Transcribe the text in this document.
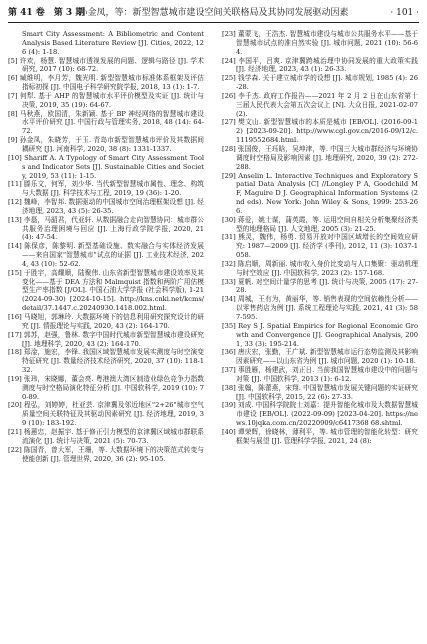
第 41 卷　第 3 期
孙金凤，等：新型智慧城市建设空间关联格局及其协同发展驱动因素	· 101 ·

Smart City Assessment: A Bibliometric and Content Analysis Based Literature Review [J]. Cities, 2022, 126 (4): 1-18.

[5] 许欢，杨慧. 智慧城市透视发展的问题、逻辑与路径 [J]. 学术研究, 2017 (10): 68-72.

[6] 臧维明，李月芳，魏光明. 新型智慧城市标准体系框架及评估指标初探 [J]. 中国电子科学研究院学报, 2018, 13 (1): 1-7.

[7] 何犁. 基于 AHP 的智慧城市水平评价模型及实证 [J]. 统计与决策, 2019, 35 (19): 64-67.

[8] 马秋燕，欧国清，朱新颖. 基于 BP 神经网络的智慧城市建设水平评价研究 [J]. 中国行政与管理实务, 2018, 48 (14): 64-72.

[9] 孙金凤，朱晓芳，于玉. 青岛市新型智慧城市评价及其数据间耦研究 [J]. 河南科学, 2020, 38 (8): 1331-1337.

[10] Shariff A. A Typology of Smart City Assessment Tools and Indicator Sets [J]. Sustainable Cities and Society, 2019, 53 (11): 1-15.

[11] 滕乐文，何军，刘少华. 当代新型智慧城市属性、理念、构筑与大数据 [J]. 科学技术与工程, 2019, 19 (36): 1-20.

[12] 魏峰，李智邦. 数据驱动的中国城市空间治理框架设想 [J]. 经济地理, 2023, 43 (5): 26-35.

[13] 李磊，马韶君，代亚轩. 从数据融合走向智慧协同：城市群公共服务治理困境与回应 [J]. 上海行政学院学报, 2020, 21 (4): 47-54.

[14] 陈保彦，陈黎明. 新型基础设施、数实融合与实体经济发展——来自国家"智慧城市"试点的证据 [J]. 工业技术经济, 2024, 43 (10): 52-62.

[15] 于胜宇，高耀顺，陆聚伟. 山东省新型智慧城市建设效率及其变化——基于 DEA 方法和 Malmquist 指数和两阶广用估模型生产率指数 [J/OL]. 中国石油大学学报 (社会科学版), 1-21 (2024-09-30) [2024-10-15]. http://kns.cnki.net/kcms/detail/37.1447.c.20240930.1418.002.html.

[16] 马晓旭，郭琳玲. 大数据环境下的信息利用研究探究设计的研究 [J]. 情报理论与实践, 2020, 43 (2): 164-170.

[17] 郭苏，赵强，鲁林. 数字中国时代城市新型智慧城市建设研究 [J]. 地理科学, 2020, 43 (2): 164-170.

[18] 郑淦，施宏，李锋. 我国区域智慧城市发展实测度与时空演变特征研究 [J]. 数量经济技术经济研究, 2020, 37 (10): 118-132.

[19] 张玮，宋晓娜，董会亮. 粤港澳大湾区制造业绿色竞争力指数测度与时空格局演化特征分析 [J]. 中国软科学, 2019 (10): 70-89.

[20] 程弘，刘婷婷，杜亚芸. 京津冀及邻近地区"2+26"城市空气质量空间关联特征及其驱动因素研究 [J]. 经济地理, 2019, 39 (10): 183-192.

[21] 杨蕙忠，赵振宇. 基于修正引力模型的京津冀区域城市群联系流演化 [J]. 统计与决策, 2021 (5): 70-73.

[22] 陈国青，曾大军，王珊，等. 大数据环境下的决策范式转变与使能创新 [J]. 管理世界, 2020, 36 (2): 95-105.

[23] 董蒙飞，王浩杰. 智慧城市建设与城市公共服务水平——基于智慧城市试点的准自然实验 [J]. 城市问题, 2021 (10): 56-64.

[24] 李国平，吕爽. 京津冀跨城治理中协同发展的重大政策实践 [J]. 经济地理, 2023, 43 (1): 26-33.

[25] 钱学森. 关于建立城市学的设想 [J]. 城市规划, 1985 (4): 26-28.

[26] 李千杰. 政府工作报告——2021 年 2 月 2 日在山东省第十三届人民代表大会第五次会议上 [N]. 大众日报, 2021-02-07 (2).

[27] 樊文山. 新型智慧城市的本质是城市 [EB/OL]. (2016-09-12) [2023-09-20]. http://www.cgl.gov.cn/2016-09/12/c.1119552684.html.

[28] 张国俊，王珏晗，吴坤津，等. 中国三大城市群经济与环境协调度时空格局及影响因素 [J]. 地理研究, 2020, 39 (2): 272-288.

[29] Anselin L. Interactive Techniques and Exploratory Spatial Data Analysis [C] //Longley P A, Goodchild M F, Maguire D J. Geographical Information Systems (2nd eds). New York: John Wiley & Sons, 1999: 253-266.

[30] 蒋爱，姚士谋，蒲英霞，等. 运用空间自相关分析集聚经济类型的地理格局 [J]. 人文地理, 2005 (3): 21-25.

[31] 熊灵，魏伟，杨勇. 贸易开放对中国区域增长的空间效应研究: 1987—2009 [J]. 经济学 (季刊), 2012, 11 (3): 1037-1058.

[32] 陈启顺，周新丽. 城市收入身价比变动与人口集聚：驱动机理与时空效应 [J]. 中国软科学, 2023 (2): 157-168.

[33] 夏帆. 对空间计量学的思考 [J]. 统计与决策, 2005 (17): 27-28.

[34] 周城，王有为，黄丽华，等. 销售表现的空间依赖性分析——以零售药店为例 [J]. 系统工程理论与实践, 2021, 41 (3): 587-595.

[35] Rey S J. Spatial Empirics for Regional Economic Growth and Convergence [J]. Geographical Analysis, 2001, 33 (3): 195-214.

[36] 唐庆宏，张勤，王广斌. 新型智慧城市运行态势监测及其影响因素研究——以山东省为例 [J]. 城市问题, 2020 (1): 10-18.

[37] 事胜雁，杨建武，刘正日. 当前我国智慧城市建设中的问题与对策 [J]. 中国软科学, 2013 (1): 6-12.

[38] 张翰，陈蕾燕，宋翔. 中国智慧城市发展关键问题的实证研究 [J]. 中国软科学, 2015, 22 (6): 27-33.

[39] 刘成. 中国科学院院士刘嘉：提升智能化城市及大数据智慧城市建设 [EB/OL]. (2022-09-09) [2023-04-20]. https://news.10jqka.com.cn/20220909/c6417368 68.shtml.

[40] 谭荣辉，徐晓林，薄利平，等. 城市管理的智能化转型：研究框架与展望 [J]. 管理科学学报, 2021, 24 (8):
